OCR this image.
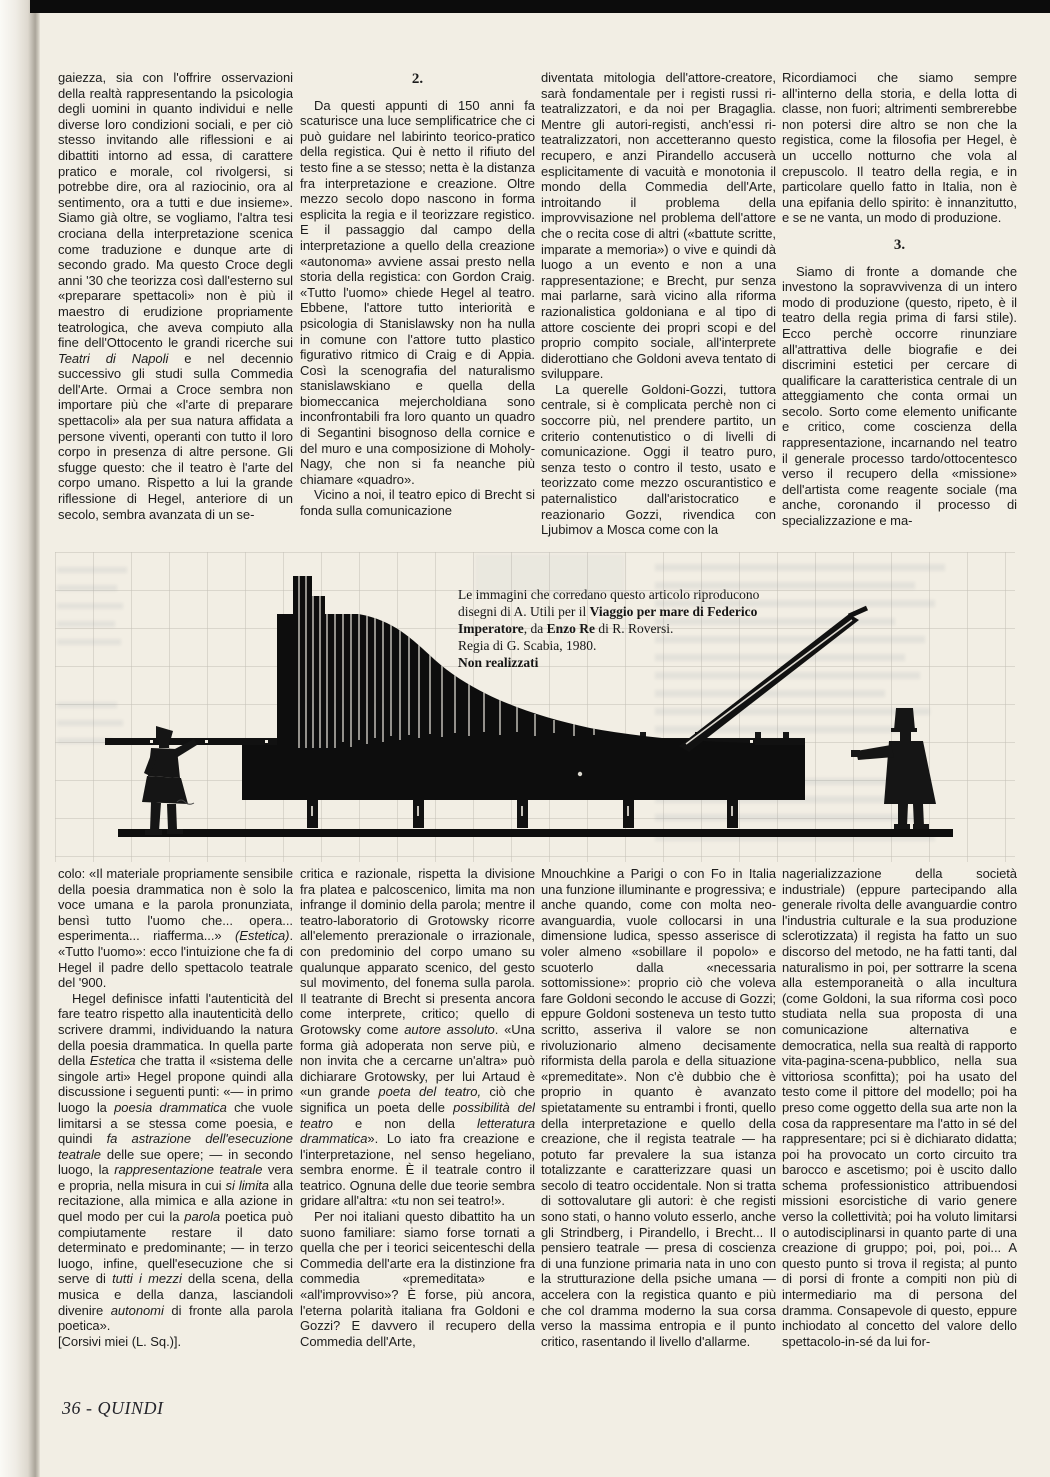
gaiezza, sia con l'offrire osservazioni della realtà rappresentando la psicologia degli uomini in quanto individui e nelle diverse loro condizioni sociali, e per ciò stesso invitando alle riflessioni e ai dibattiti intorno ad essa, di carattere pratico e morale, col rivolgersi, si potrebbe dire, ora al raziocinio, ora al sentimento, ora a tutti e due insieme». Siamo già oltre, se vogliamo, l'altra tesi crociana della interpretazione scenica come traduzione e dunque arte di secondo grado. Ma questo Croce degli anni '30 che teorizza così dall'esterno sul «preparare spettacoli» non è più il maestro di erudizione propriamente teatrologica, che aveva compiuto alla fine dell'Ottocento le grandi ricerche sui Teatri di Napoli e nel decennio successivo gli studi sulla Commedia dell'Arte. Ormai a Croce sembra non importare più che «l'arte di preparare spettacoli» ala per sua natura affidata a persone viventi, operanti con tutto il loro corpo in presenza di altre persone. Gli sfugge questo: che il teatro è l'arte del corpo umano. Rispetto a lui la grande riflessione di Hegel, anteriore di un secolo, sembra avanzata di un se-

2.

Da questi appunti di 150 anni fa scaturisce una luce semplificatrice che ci può guidare nel labirinto teorico-pratico della registica. Qui è netto il rifiuto del testo fine a se stesso; netta è la distanza fra interpretazione e creazione. Oltre mezzo secolo dopo nascono in forma esplicita la regia e il teorizzare registico. E il passaggio dal campo della interpretazione a quello della creazione «autonoma» avviene assai presto nella storia della registica: con Gordon Craig. «Tutto l'uomo» chiede Hegel al teatro. Ebbene, l'attore tutto interiorità e psicologia di Stanislawsky non ha nulla in comune con l'attore tutto plastico figurativo ritmico di Craig e di Appia. Così la scenografia del naturalismo stanislawskiano e quella della biomeccanica mejercholdiana sono inconfrontabili fra loro quanto un quadro di Segantini bisognoso della cornice e del muro e una composizione di Moholy-Nagy, che non si fa neanche più chiamare «quadro».

Vicino a noi, il teatro epico di Brecht si fonda sulla comunicazione

diventata mitologia dell'attore-creatore, sarà fondamentale per i registi russi ri-teatralizzatori, e da noi per Bragaglia. Mentre gli autori-registi, anch'essi ri-teatralizzatori, non accetteranno questo recupero, e anzi Pirandello accuserà esplicitamente di vacuità e monotonia il mondo della Commedia dell'Arte, introitando il problema della improvvisazione nel problema dell'attore che o recita cose di altri («battute scritte, imparate a memoria») o vive e quindi dà luogo a un evento e non a una rappresentazione; e Brecht, pur senza mai parlarne, sarà vicino alla riforma razionalistica goldoniana e al tipo di attore cosciente dei propri scopi e del proprio compito sociale, all'interprete diderottiano che Goldoni aveva tentato di sviluppare.

La querelle Goldoni-Gozzi, tuttora centrale, si è complicata perchè non ci soccorre più, nel prendere partito, un criterio contenutistico o di livelli di comunicazione. Oggi il teatro puro, senza testo o contro il testo, usato e teorizzato come mezzo oscurantistico e paternalistico dall'aristocratico e reazionario Gozzi, rivendica con Ljubimov a Mosca come con la

Ricordiamoci che siamo sempre all'interno della storia, e della lotta di classe, non fuori; altrimenti sembrerebbe non potersi dire altro se non che la registica, come la filosofia per Hegel, è un uccello notturno che vola al crepuscolo. Il teatro della regia, e in particolare quello fatto in Italia, non è una epifania dello spirito: è innanzitutto, e se ne vanta, un modo di produzione.

3.

Siamo di fronte a domande che investono la sopravvivenza di un intero modo di produzione (questo, ripeto, è il teatro della regia prima di farsi stile). Ecco perchè occorre rinunziare all'attrattiva delle biografie e dei discrimini estetici per cercare di qualificare la caratteristica centrale di un atteggiamento che conta ormai un secolo. Sorto come elemento unificante e critico, come coscienza della rappresentazione, incarnando nel teatro il generale processo tardo/ottocentesco verso il recupero della «missione» dell'artista come reagente sociale (ma anche, coronando il processo di specializzazione e ma-

Le immagini che corredano questo articolo riproducono disegni di A. Utili per il Viaggio per mare di Federico Imperatore, da Enzo Re di R. Roversi.
Regia di G. Scabia, 1980.
Non realizzati

colo: «Il materiale propriamente sensibile della poesia drammatica non è solo la voce umana e la parola pronunziata, bensì tutto l'uomo che... opera... esperimenta... riafferma...» (Estetica). «Tutto l'uomo»: ecco l'intuizione che fa di Hegel il padre dello spettacolo teatrale del '900.

Hegel definisce infatti l'autenticità del fare teatro rispetto alla inautenticità dello scrivere drammi, individuando la natura della poesia drammatica. In quella parte della Estetica che tratta il «sistema delle singole arti» Hegel propone quindi alla discussione i seguenti punti: «— in primo luogo la poesia drammatica che vuole limitarsi a se stessa come poesia, e quindi fa astrazione dell'esecuzione teatrale delle sue opere; — in secondo luogo, la rappresentazione teatrale vera e propria, nella misura in cui si limita alla recitazione, alla mimica e alla azione in quel modo per cui la parola poetica può compiutamente restare il dato determinato e predominante; — in terzo luogo, infine, quell'esecuzione che si serve di tutti i mezzi della scena, della musica e della danza, lasciandoli divenire autonomi di fronte alla parola poetica».

[Corsivi miei (L. Sq.)].

critica e razionale, rispetta la divisione fra platea e palcoscenico, limita ma non infrange il dominio della parola; mentre il teatro-laboratorio di Grotowsky ricorre all'elemento prerazionale o irrazionale, con predominio del corpo umano su qualunque apparato scenico, del gesto sul movimento, del fonema sulla parola. Il teatrante di Brecht si presenta ancora come interprete, critico; quello di Grotowsky come autore assoluto. «Una forma già adoperata non serve più, e non invita che a cercarne un'altra» può dichiarare Grotowsky, per lui Artaud è «un grande poeta del teatro, ciò che significa un poeta delle possibilità del teatro e non della letteratura drammatica». Lo iato fra creazione e l'interpretazione, nel senso hegeliano, sembra enorme. È il teatrale contro il teatrico. Ognuna delle due teorie sembra gridare all'altra: «tu non sei teatro!».

Per noi italiani questo dibattito ha un suono familiare: siamo forse tornati a quella che per i teorici seicenteschi della Commedia dell'arte era la distinzione fra commedia «premeditata» e «all'improvviso»? È forse, più ancora, l'eterna polarità italiana fra Goldoni e Gozzi? E davvero il recupero della Commedia dell'Arte,

Mnouchkine a Parigi o con Fo in Italia una funzione illuminante e progressiva; e anche quando, come con molta neo-avanguardia, vuole collocarsi in una dimensione ludica, spesso asserisce di voler almeno «sobillare il popolo» e scuoterlo dalla «necessaria sottomissione»: proprio ciò che voleva fare Goldoni secondo le accuse di Gozzi; eppure Goldoni sosteneva un testo tutto scritto, asseriva il valore se non rivoluzionario almeno decisamente riformista della parola e della situazione «premeditate». Non c'è dubbio che è proprio in quanto è avanzato spietatamente su entrambi i fronti, quello della interpretazione e quello della creazione, che il regista teatrale — ha potuto far prevalere la sua istanza totalizzante e caratterizzare quasi un secolo di teatro occidentale. Non si tratta di sottovalutare gli autori: è che registi sono stati, o hanno voluto esserlo, anche gli Strindberg, i Pirandello, i Brecht... Il pensiero teatrale — presa di coscienza di una funzione primaria nata in uno con la strutturazione della psiche umana — accelera con la registica quanto e più che col dramma moderno la sua corsa verso la massima entropia e il punto critico, rasentando il livello d'allarme.

nagerializzazione della società industriale) (eppure partecipando alla generale rivolta delle avanguardie contro l'industria culturale e la sua produzione sclerotizzata) il regista ha fatto un suo discorso del metodo, ne ha fatti tanti, dal naturalismo in poi, per sottrarre la scena alla estemporaneità o alla incultura (come Goldoni, la sua riforma così poco studiata nella sua proposta di una comunicazione alternativa e democratica, nella sua realtà di rapporto vita-pagina-scena-pubblico, nella sua vittoriosa sconfitta); poi ha usato del testo come il pittore del modello; poi ha preso come oggetto della sua arte non la cosa da rappresentare ma l'atto in sé del rappresentare; pci si è dichiarato didatta; poi ha provocato un corto circuito tra barocco e ascetismo; poi è uscito dallo schema professionistico attribuendosi missioni esorcistiche di vario genere verso la collettività; poi ha voluto limitarsi o autodisciplinarsi in quanto parte di una creazione di gruppo; poi, poi, poi... A questo punto si trova il regista; al punto di porsi di fronte a compiti non più di intermediario ma di persona del dramma. Consapevole di questo, eppure inchiodato al concetto del valore dello spettacolo-in-sé da lui for-

36 - QUINDI
